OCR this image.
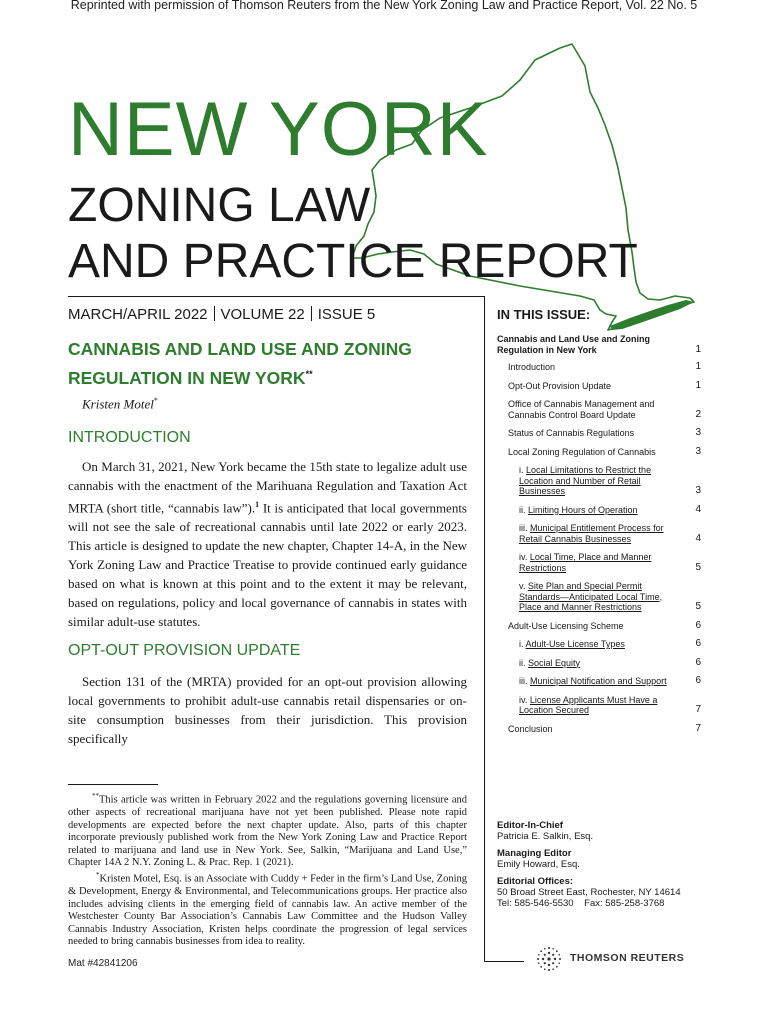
Reprinted with permission of Thomson Reuters from the New York Zoning Law and Practice Report, Vol. 22 No. 5
NEW YORK
ZONING LAW
AND PRACTICE REPORT
MARCH/APRIL 2022 VOLUME 22 ISSUE 5
CANNABIS AND LAND USE AND ZONING REGULATION IN NEW YORK**
Kristen Motel*
INTRODUCTION
On March 31, 2021, New York became the 15th state to legalize adult use cannabis with the enactment of the Marihuana Regulation and Taxation Act MRTA (short title, “cannabis law”).$^1$ It is anticipated that local governments will not see the sale of recreational cannabis until late 2022 or early 2023. This article is designed to update the new chapter, Chapter 14-A, in the New York Zoning Law and Practice Treatise to provide continued early guidance based on what is known at this point and to the extent it may be relevant, based on regulations, policy and local governance of cannabis in states with similar adult-use statutes.
OPT-OUT PROVISION UPDATE
Section 131 of the (MRTA) provided for an opt-out provision allowing local governments to prohibit adult-use cannabis retail dispensaries or on-site consumption businesses from their jurisdiction. This provision specifically
**This article was written in February 2022 and the regulations governing licensure and other aspects of recreational marijuana have not yet been published. Please note rapid developments are expected before the next chapter update. Also, parts of this chapter incorporate previously published work from the New York Zoning Law and Practice Report related to marijuana and land use in New York. See, Salkin, “Marijuana and Land Use,” Chapter 14A 2 N.Y. Zoning L. & Prac. Rep. 1 (2021).
*Kristen Motel, Esq. is an Associate with Cuddy + Feder in the firm’s Land Use, Zoning & Development, Energy & Environmental, and Telecommunications groups. Her practice also includes advising clients in the emerging field of cannabis law. An active member of the Westchester County Bar Association’s Cannabis Law Committee and the Hudson Valley Cannabis Industry Association, Kristen helps coordinate the progression of legal services needed to bring cannabis businesses from idea to reality.
Mat #42841206
IN THIS ISSUE:
Cannabis and Land Use and Zoning Regulation in New York	1
Introduction	1
Opt-Out Provision Update	1
Office of Cannabis Management and Cannabis Control Board Update	2
Status of Cannabis Regulations	3
Local Zoning Regulation of Cannabis	3
i. Local Limitations to Restrict the Location and Number of Retail Businesses	3
ii. Limiting Hours of Operation	4
iii. Municipal Entitlement Process for Retail Cannabis Businesses	4
iv. Local Time, Place and Manner Restrictions	5
v. Site Plan and Special Permit Standards—Anticipated Local Time, Place and Manner Restrictions	5
Adult-Use Licensing Scheme	6
i. Adult-Use License Types	6
ii. Social Equity	6
iii. Municipal Notification and Support	6
iv. License Applicants Must Have a Location Secured	7
Conclusion	7
Editor-In-Chief
Patricia E. Salkin, Esq.
Managing Editor
Emily Howard, Esq.
Editorial Offices:
50 Broad Street East, Rochester, NY 14614
Tel: 585-546-5530    Fax: 585-258-3768
THOMSON REUTERS
